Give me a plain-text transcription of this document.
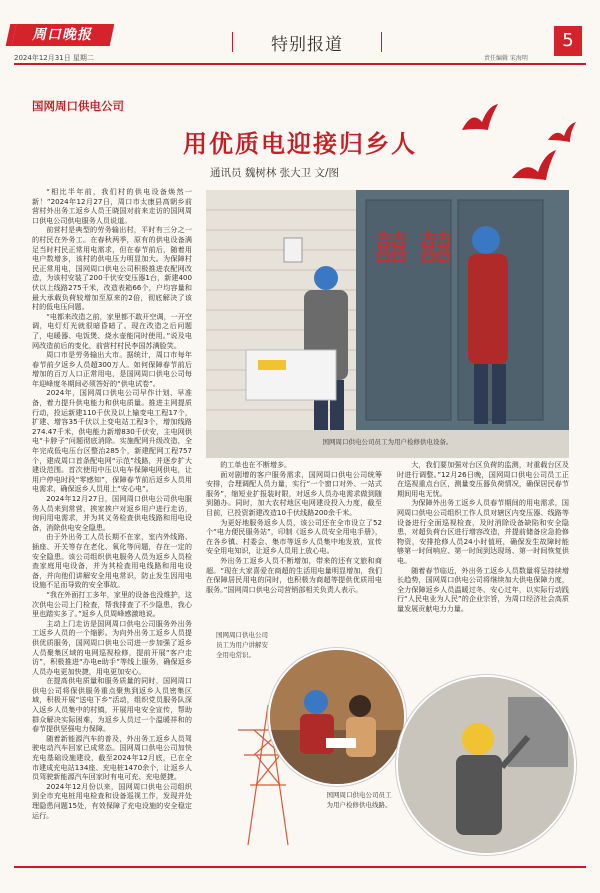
周口晚报
2024年12月31日 星期二
特别报道
责任编辑 宋海明
5
国网周口供电公司
用优质电迎接归乡人
通讯员 魏树林 张大卫 文/图

“相比半年前，我们村的供电设备焕然一新！”2024年12月27日，周口市太康县高朝乡前营村外出务工返乡人员王晓国对前来走访的国网周口供电公司供电服务人员说道。

前营村是典型的劳务输出村，平时有三分之一的村民在外务工。在春秋两季，原有的供电设备满足当时村民正常用电需求，但在春节前后，随着用电户数增多，该村的供电压力明显加大。为保障村民正常用电，国网周口供电公司积极推进农配网改造，为该村安装了200千伏安变压器1台，新建400伏以上线路275千米，改造表箱66个，户均容量和最大承载负荷较增加至原来的2倍，彻底解决了该村的低电压问题。

“电都来改造之前，家里都不敢开空调，一开空调，电灯灯光就很暗昏暗了。现在改造之后问题了，电暖器、电饭煲、烧水壶能同时使用。”说及电网改造前后的变化，前营村村民李国苏满脸笑。

周口市是劳务输出大市。据统计，周口市每年春节前夕返乡人员超300万人。如何保障春节前后增加的百万人口正常用电，是国网周口供电公司每年迎峰度冬期间必须答好的“供电试卷”。

2024年，国网周口供电公司早作计划、早准备，着力提升供电能力和供电质量。推进主网提质行动，投运新建110千伏及以上输变电工程17个，扩建、增容35千伏以上变电站工程3个，增加线路274.47千米，供电能力新增830千伏安，主电网供电“卡脖子”问题彻底消除。实施配网升级改造，全年完成低电压台区整治285个，新建配网工程757个，建成周口首条配电网“示范”线路，并逐步扩大建设范围。首次使用中压以电车保障电网供电，让用户停电时段“零感知”，保障春节前后返乡人员用电需求，确保返乡人员用上“安心电”。

2024年12月27日，国网周口供电公司供电服务人员来到常营，挨家挨户对返乡用户进行走访，询问用电需求，并为其义务检查供电线路和用电设备，消除供电安全隐患。

由于外出务工人员长期不在家，室内外线路、插座、开关等存在老化、氧化等问题，存在一定的安全隐患。该公司组织供电服务人员为返乡人员检查家庭用电设备，并为其检查用电线路和用电设备，并向他们讲解安全用电常识，防止发生因用电设施不足而导致的安全事故。

“我在外面打工多年，家里的设备也没维护，这次供电公司上门检查，帮我排查了不少隐患，我心里也踏实多了。”返乡人员周峰感激地说。

主动上门走访是国网周口供电公司服务外出务工返乡人员的一个缩影。为向外出务工返乡人员提供优质服务，国网周口供电公司进一步加强了返乡人员聚集区域的电网巡视检修，提前开展“客户走访”，积极推进“办电e助手”等线上服务，确保返乡人员办电更加快捷，用电更加安心。

在提高供电质量和服务质量的同时，国网周口供电公司将保供服务重点聚焦到返乡人员密集区域，积极开展“送电下乡”活动，组织党员服务队深入返乡人员集中的村镇，开展用电安全宣传，帮助群众解决实际困难，为返乡人员过一个温暖祥和的春节提供坚强电力保障。

随着新能源汽车的普及，外出务工返乡人员驾驶电动汽车回家已成常态。国网周口供电公司加快充电基础设施建设，截至2024年12月底，已在全市建成充电站134座、充电桩1470余个，让返乡人员驾驶新能源汽车回家时有电可充、充电便捷。

2024年12月份以来，国网周口供电公司组织到全市充电桩用电检查和设备巡视工作，发现并处理隐患问题15处，有效保障了充电设施的安全稳定运行。

囍 囍
国网周口供电公司员工为用户检修供电设备。

的工单也在不断增多。

面对剧增的客户服务需求，国网周口供电公司统筹安排，合理调配人员力量，实行“一个窗口对外、一站式服务”，缩短业扩报装时限，对返乡人员办电需求做到随到随办。同时，加大农村地区电网建设投入力度，截至目前，已投资新建改造10千伏线路200余千米。

为更好地服务返乡人员，该公司还在全市设立了52个“电力便民服务站”，印制《返乡人员安全用电手册》，在各乡镇、村委会、集市等返乡人员集中地发放，宣传安全用电知识，让返乡人员用上放心电。

外出务工返乡人员不断增加，带来的还有文旅和商超。“现在大家喜爱在商超的生活用电量明显增加，我们在保障居民用电的同时，也积极为商超等提供优质用电服务。”国网周口供电公司营销部相关负责人表示。

大，我们要加强对台区负荷的监测，对重载台区及时进行调整。”12月26日晚，国网周口供电公司员工正在巡视重点台区，测量变压器负荷情况，确保居民春节期间用电无忧。

为保障外出务工返乡人员春节期间的用电需求，国网周口供电公司组织工作人员对辖区内变压器、线路等设备进行全面巡视检查，及时消除设备缺陷和安全隐患，对超负荷台区进行增容改造，并提前储备应急抢修物资，安排抢修人员24小时值班，确保发生故障时能够第一时间响应、第一时间到达现场、第一时间恢复供电。

随着春节临近，外出务工返乡人员数量将呈持续增长趋势，国网周口供电公司将继续加大供电保障力度，全力保障返乡人员温暖过冬、安心过年，以实际行动践行“人民电业为人民”的企业宗旨，为周口经济社会高质量发展贡献电力力量。

国网周口供电公司员工为用户讲解安全用电常识。
国网周口供电公司员工为用户检修供电线路。
